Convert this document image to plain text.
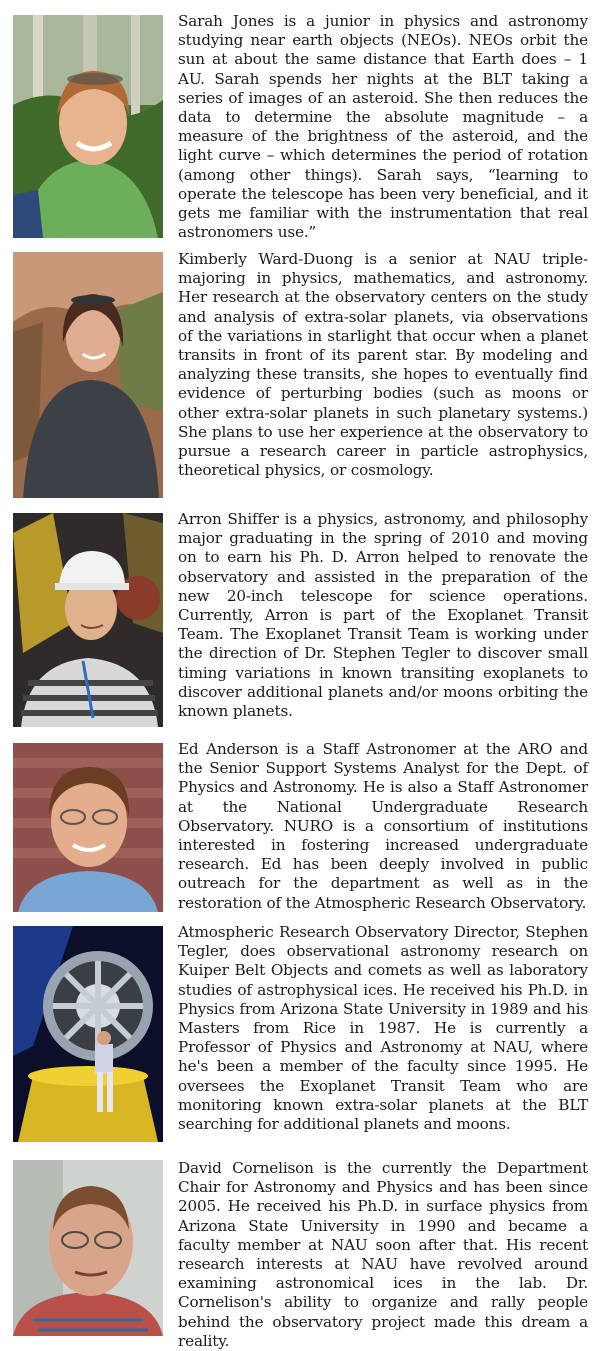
Sarah Jones is a junior in physics and astronomy studying near earth objects (NEOs). NEOs orbit the sun at about the same distance that Earth does – 1 AU. Sarah spends her nights at the BLT taking a series of images of an asteroid. She then reduces the data to determine the absolute magnitude – a measure of the brightness of the asteroid, and the light curve – which determines the period of rotation (among other things). Sarah says, “learning to operate the telescope has been very beneficial, and it gets me familiar with the instrumentation that real astronomers use.”

Kimberly Ward-Duong is a senior at NAU triple-majoring in physics, mathematics, and astronomy. Her research at the observatory centers on the study and analysis of extra-solar planets, via observations of the variations in starlight that occur when a planet transits in front of its parent star. By modeling and analyzing these transits, she hopes to eventually find evidence of perturbing bodies (such as moons or other extra-solar planets in such planetary systems.) She plans to use her experience at the observatory to pursue a research career in particle astrophysics, theoretical physics, or cosmology.

Arron Shiffer is a physics, astronomy, and philosophy major graduating in the spring of 2010 and moving on to earn his Ph. D. Arron helped to renovate the observatory and assisted in the preparation of the new 20-inch telescope for science operations. Currently, Arron is part of the Exoplanet Transit Team. The Exoplanet Transit Team is working under the direction of Dr. Stephen Tegler to discover small timing variations in known transiting exoplanets to discover additional planets and/or moons orbiting the known planets.

Ed Anderson is a Staff Astronomer at the ARO and the Senior Support Systems Analyst for the Dept. of Physics and Astronomy. He is also a Staff Astronomer at the National Undergraduate Research Observatory. NURO is a consortium of institutions interested in fostering increased undergraduate research. Ed has been deeply involved in public outreach for the department as well as in the restoration of the Atmospheric Research Observatory.

Atmospheric Research Observatory Director, Stephen Tegler, does observational astronomy research on Kuiper Belt Objects and comets as well as laboratory studies of astrophysical ices. He received his Ph.D. in Physics from Arizona State University in 1989 and his Masters from Rice in 1987. He is currently a Professor of Physics and Astronomy at NAU, where he's been a member of the faculty since 1995. He oversees the Exoplanet Transit Team who are monitoring known extra-solar planets at the BLT searching for additional planets and moons.

David Cornelison is the currently the Department Chair for Astronomy and Physics and has been since 2005. He received his Ph.D. in surface physics from Arizona State University in 1990 and became a faculty member at NAU soon after that. His recent research interests at NAU have revolved around examining astronomical ices in the lab. Dr. Cornelison's ability to organize and rally people behind the observatory project made this dream a reality.
